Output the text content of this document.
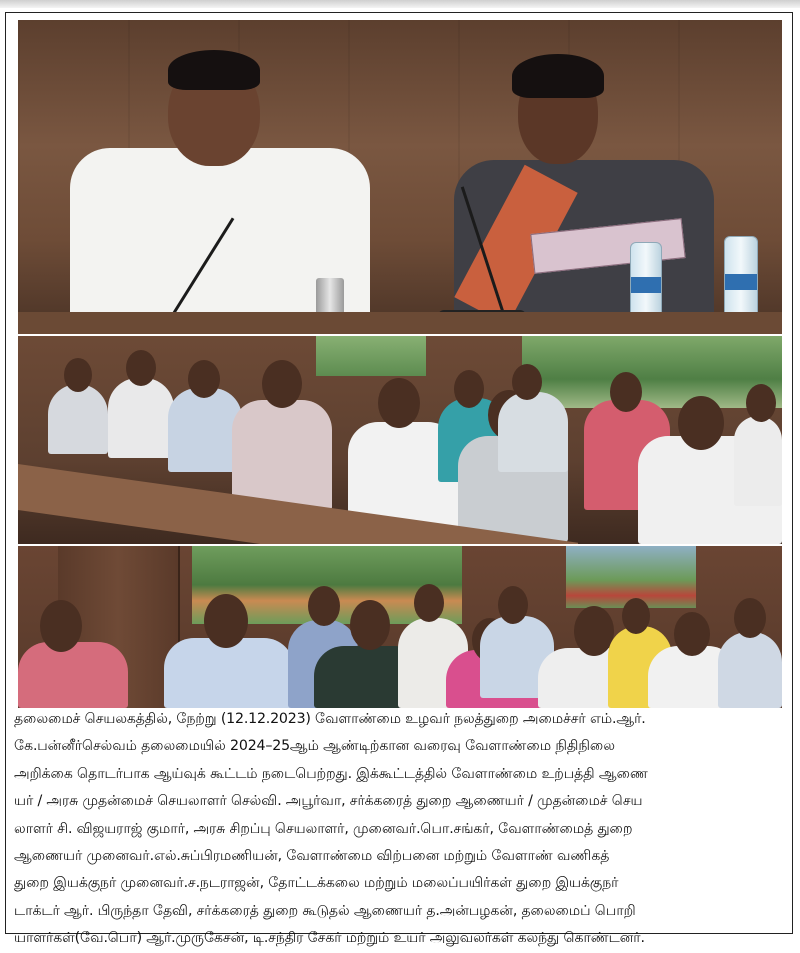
தலைமைச் செயலகத்தில், நேற்று (12.12.2023) வேளாண்மை உழவர் நலத்துறை அமைச்சர் எம்.ஆர்.

கே.பன்னீர்செல்வம் தலைமையில் 2024–25ஆம் ஆண்டிற்கான வரைவு வேளாண்மை நிதிநிலை

அறிக்கை தொடர்பாக ஆய்வுக் கூட்டம் நடைபெற்றது. இக்கூட்டத்தில் வேளாண்மை உற்பத்தி ஆணை

யர் / அரசு முதன்மைச் செயலாளர் செல்வி. அபூர்வா, சர்க்கரைத் துறை ஆணையர் / முதன்மைச் செய

லாளர் சி. விஜயராஜ் குமார், அரசு சிறப்பு செயலாளர், முனைவர்.பொ.சங்கர், வேளாண்மைத் துறை

ஆணையர் முனைவர்.எல்.சுப்பிரமணியன், வேளாண்மை விற்பனை மற்றும் வேளாண் வணிகத்

துறை இயக்குநர் முனைவர்.ச.நடராஜன், தோட்டக்கலை மற்றும் மலைப்பயிர்கள் துறை இயக்குநர்

டாக்டர் ஆர். பிருந்தா தேவி, சர்க்கரைத் துறை கூடுதல் ஆணையர் த.அன்பழகன், தலைமைப் பொறி

யாளர்கள்(வே.பொ) ஆர்.முருகேசன், டி.சந்திர சேகர் மற்றும் உயர் அலுவலர்கள் கலந்து கொண்டனர்.
